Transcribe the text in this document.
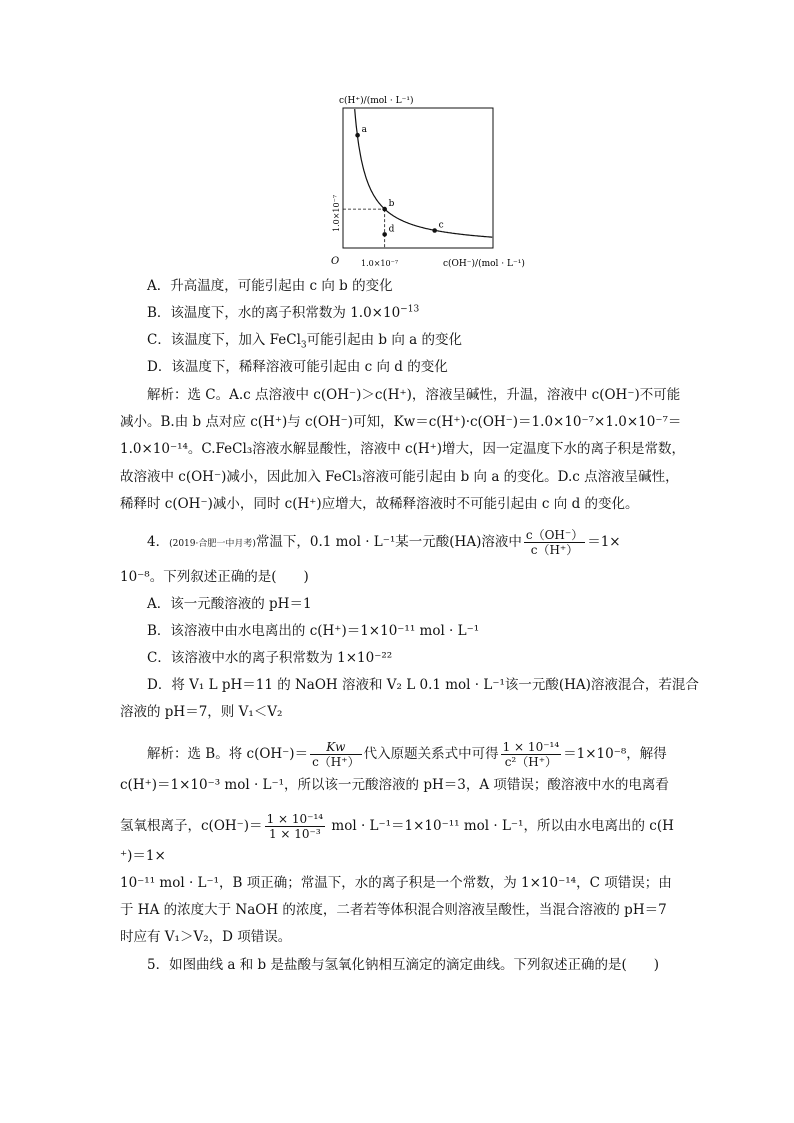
a
b
c
d
c(H⁺)/(mol · L⁻¹)
c(OH⁻)/(mol · L⁻¹)
O	1.0×10⁻⁷
1.0×10⁻⁷
A．升高温度，可能引起由 c 向 b 的变化
B．该温度下，水的离子积常数为 $1.0\times 10^{-13}$
C．该温度下，加入 FeCl$_3$可能引起由 b 向 a 的变化
D．该温度下，稀释溶液可能引起由 c 向 d 的变化
解析：选 C。A.c 点溶液中 c(OH⁻)＞c(H⁺)，溶液呈碱性，升温，溶液中 c(OH⁻)不可能
减小。B.由 b 点对应 c(H⁺)与 c(OH⁻)可知，Kw＝c(H⁺)·c(OH⁻)＝1.0×10⁻⁷×1.0×10⁻⁷＝
1.0×10⁻¹⁴。C.FeCl₃溶液水解显酸性，溶液中 c(H⁺)增大，因一定温度下水的离子积是常数，
故溶液中 c(OH⁻)减小，因此加入 FeCl₃溶液可能引起由 b 向 a 的变化。D.c 点溶液呈碱性，
稀释时 c(OH⁻)减小，同时 c(H⁺)应增大，故稀释溶液时不可能引起由 c 向 d 的变化。
4．(2019·合肥一中月考)常温下，0.1 mol · L⁻¹某一元酸(HA)溶液中 $\frac{c(OH^-)}{c(H^+)} =1\times$
10⁻⁸。下列叙述正确的是(　　)
A．该一元酸溶液的 pH＝1
B．该溶液中由水电离出的 c(H⁺)＝1×10⁻¹¹ mol · L⁻¹
C．该溶液中水的离子积常数为 1×10⁻²²
D．将 V₁ L pH＝11 的 NaOH 溶液和 V₂ L 0.1 mol · L⁻¹该一元酸(HA)溶液混合，若混合
溶液的 pH＝7，则 V₁＜V₂
解析：选 B。将 $c(OH^-)= \frac{Kw}{c(H^+)}$ 代入原题关系式中可得 $\frac{\text{1 × 10⁻¹⁴}}{\text{c²（H⁺）}} =1\times 10^{-8}$，解得
c(H⁺)＝1×10⁻³ mol · L⁻¹，所以该一元酸溶液的 pH＝3，A 项错误；酸溶液中水的电离看
氢氧根离子，$c(OH^-)= \frac{\text{1 × 10⁻¹⁴}}{\text{1 × 10⁻³}}$ mol · L⁻¹＝1×10⁻¹¹ mol · L⁻¹，所以由水电离出的 c(H
⁺)＝1×
10⁻¹¹ mol · L⁻¹，B 项正确；常温下，水的离子积是一个常数，为 1×10⁻¹⁴，C 项错误；由
于 HA 的浓度大于 NaOH 的浓度，二者若等体积混合则溶液呈酸性，当混合溶液的 pH＝7
时应有 V₁＞V₂，D 项错误。
5．如图曲线 a 和 b 是盐酸与氢氧化钠相互滴定的滴定曲线。下列叙述正确的是(　　)
